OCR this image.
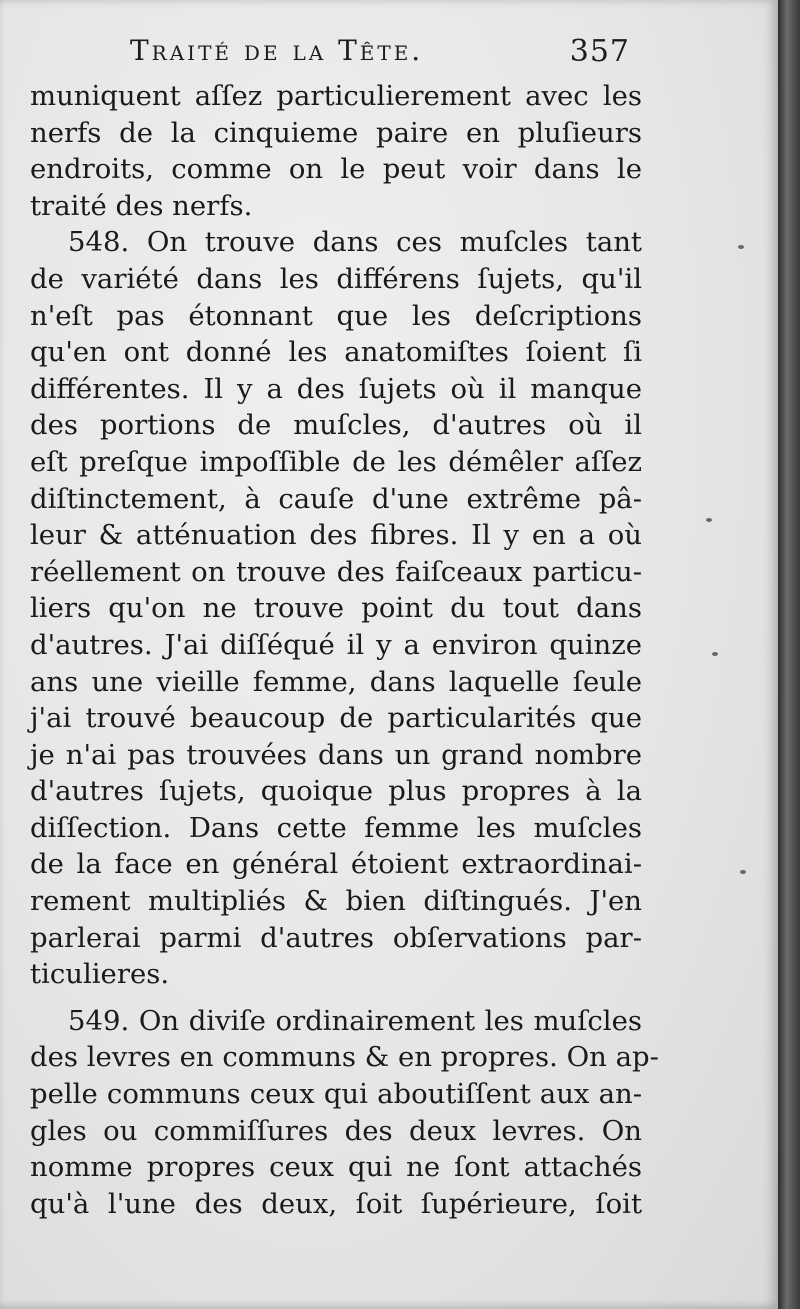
Traité de la Tête.	357
muniquent aſſez particulierement avec les
nerfs de la cinquieme paire en pluſieurs
endroits, comme on le peut voir dans le
traité des nerfs.
548. On trouve dans ces muſcles tant
de variété dans les différens ſujets, qu'il
n'eſt pas étonnant que les deſcriptions
qu'en ont donné les anatomiſtes ſoient ſi
différentes. Il y a des ſujets où il manque
des portions de muſcles, d'autres où il
eſt preſque impoſſible de les démêler aſſez
diſtinctement, à cauſe d'une extrême pâ-
leur & atténuation des fibres. Il y en a où
réellement on trouve des faiſceaux particu-
liers qu'on ne trouve point du tout dans
d'autres. J'ai diſſéqué il y a environ quinze
ans une vieille femme, dans laquelle ſeule
j'ai trouvé beaucoup de particularités que
je n'ai pas trouvées dans un grand nombre
d'autres ſujets, quoique plus propres à la
diſſection. Dans cette femme les muſcles
de la face en général étoient extraordinai-
rement multipliés & bien diſtingués. J'en
parlerai parmi d'autres obſervations par-
ticulieres.
549. On diviſe ordinairement les muſcles
des levres en communs & en propres. On ap-
pelle communs ceux qui aboutiſſent aux an-
gles ou commiſſures des deux levres. On
nomme propres ceux qui ne ſont attachés
qu'à l'une des deux, ſoit ſupérieure, ſoit
